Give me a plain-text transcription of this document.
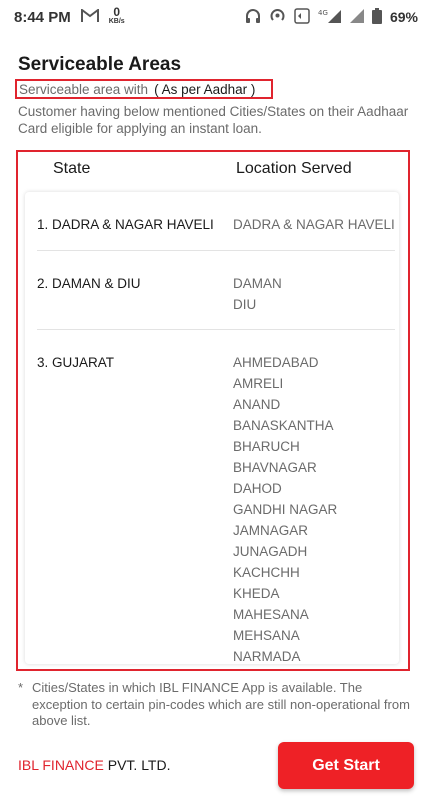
8:44 PM	0
KB/s
4G	69%
Serviceable Areas
Serviceable area with ( As per Aadhar )
Customer having below mentioned Cities/States on their Aadhaar Card eligible for applying an instant loan.
State	Location Served
1. DADRA & NAGAR HAVELI	DADRA & NAGAR HAVELI
2. DAMAN & DIU	DAMAN
DIU
3. GUJARAT	AHMEDABAD
AMRELI
ANAND
BANASKANTHA
BHARUCH
BHAVNAGAR
DAHOD
GANDHI NAGAR
JAMNAGAR
JUNAGADH
KACHCHH
KHEDA
MAHESANA
MEHSANA
NARMADA
* Cities/States in which IBL FINANCE App is available. The exception to certain pin-codes which are still non-operational from above list.
IBL FINANCE PVT. LTD.	Get Start
